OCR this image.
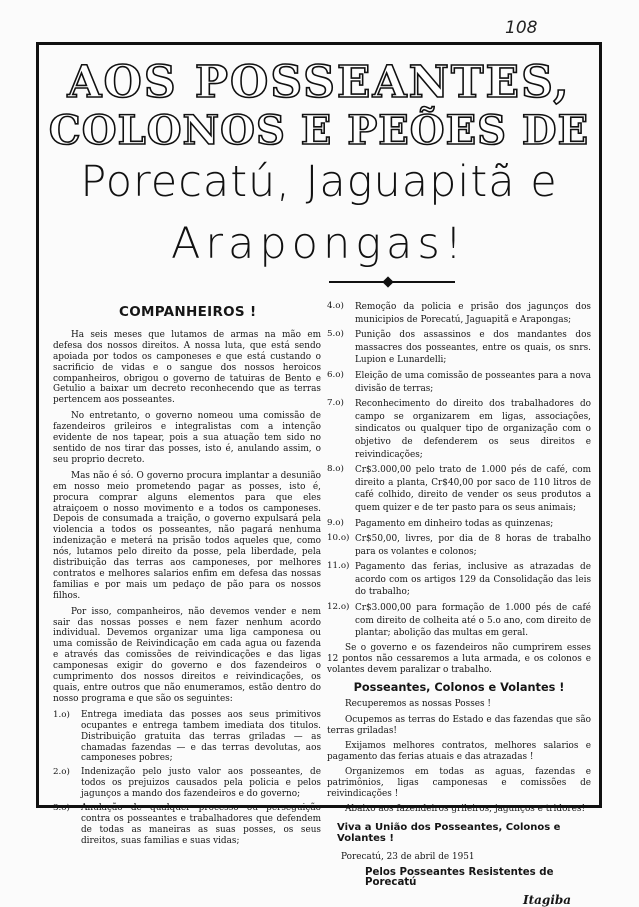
108
AOS POSSEANTES,
COLONOS E PEÕES DE
Porecatú, Jaguapitã e
Arapongas!
COMPANHEIROS !

Ha seis meses que lutamos de armas na mão em defesa dos nossos direitos. A nossa luta, que está sendo apoiada por todos os camponeses e que está custando o sacrificio de vidas e o sangue dos nossos heroicos companheiros, obrigou o governo de tatuiras de Bento e Getulio a baixar um decreto reconhecendo que as terras pertencem aos posseantes.

No entretanto, o governo nomeou uma comissão de fazendeiros grileiros e integralistas com a intenção evidente de nos tapear, pois a sua atuação tem sido no sentido de nos tirar das posses, isto é, anulando assim, o seu proprio decreto.

Mas não é só. O governo procura implantar a desunião em nosso meio prometendo pagar as posses, isto é, procura comprar alguns elementos para que eles atraiçoem o nosso movimento e a todos os camponeses. Depois de consumada a traição, o governo expulsará pela violencia a todos os posseantes, não pagará nenhuma indenização e meterá na prisão todos aqueles que, como nós, lutamos pelo direito da posse, pela liberdade, pela distribuição das terras aos camponeses, por melhores contratos e melhores salarios enfim em defesa das nossas familias e por mais um pedaço de pão para os nossos filhos.

Por isso, companheiros, não devemos vender e nem sair das nossas posses e nem fazer nenhum acordo individual. Devemos organizar uma liga camponesa ou uma comissão de Reivindicação em cada agua ou fazenda e através das comissões de reivindicações e das ligas camponesas exigir do governo e dos fazendeiros o cumprimento dos nossos direitos e reivindicações, os quais, entre outros que não enumeramos, estão dentro do nosso programa e que são os seguintes:

1.o)	Entrega imediata das posses aos seus primitivos ocupantes e entrega tambem imediata dos titulos. Distribuição gratuita das terras griladas — as chamadas fazendas — e das terras devolutas, aos camponeses pobres;
2.o)	Indenização pelo justo valor aos posseantes, de todos os prejuizos causados pela policia e pelos jagunços a mando dos fazendeiros e do governo;
3.o)	Anulação de qualquer processo ou perseguição contra os posseantes e trabalhadores que defendem de todas as maneiras as suas posses, os seus direitos, suas familias e suas vidas;
4.o)	Remoção da policia e prisão dos jagunços dos municipios de Porecatú, Jaguapitã e Arapongas;
5.o)	Punição dos assassinos e dos mandantes dos massacres dos posseantes, entre os quais, os snrs. Lupion e Lunardelli;
6.o)	Eleição de uma comissão de posseantes para a nova divisão de terras;
7.o)	Reconhecimento do direito dos trabalhadores do campo se organizarem em ligas, associações, sindicatos ou qualquer tipo de organização com o objetivo de defenderem os seus direitos e reivindicações;
8.o)	Cr$3.000,00 pelo trato de 1.000 pés de café, com direito a planta, Cr$40,00 por saco de 110 litros de café colhido, direito de vender os seus produtos a quem quizer e de ter pasto para os seus animais;
9.o)	Pagamento em dinheiro todas as quinzenas;
10.o) Cr$50,00, livres, por dia de 8 horas de trabalho para os volantes e colonos;
11.o) Pagamento das ferias, inclusive as atrazadas de acordo com os artigos 129 da Consolidação das leis do trabalho;
12.o) Cr$3.000,00 para formação de 1.000 pés de café com direito de colheita até o 5.o ano, com direito de plantar; abolição das multas em geral.

Se o governo e os fazendeiros não cumprirem esses 12 pontos não cessaremos a luta armada, e os colonos e volantes devem paralizar o trabalho.

Posseantes, Colonos e Volantes !

Recuperemos as nossas Posses !

Ocupemos as terras do Estado e das fazendas que são terras griladas!

Exijamos melhores contratos, melhores salarios e pagamento das ferias atuais e das atrazadas !

Organizemos em todas as aguas, fazendas e patrimônios, ligas camponesas e comissões de reivindicações !

Abaixo aos fazendeiros grileiros, jagunços e tridores!

Viva a União dos Posseantes, Colonos e Volantes !
Porecatú, 23 de abril de 1951
Pelos Posseantes Resistentes de Porecatú
Itagiba
